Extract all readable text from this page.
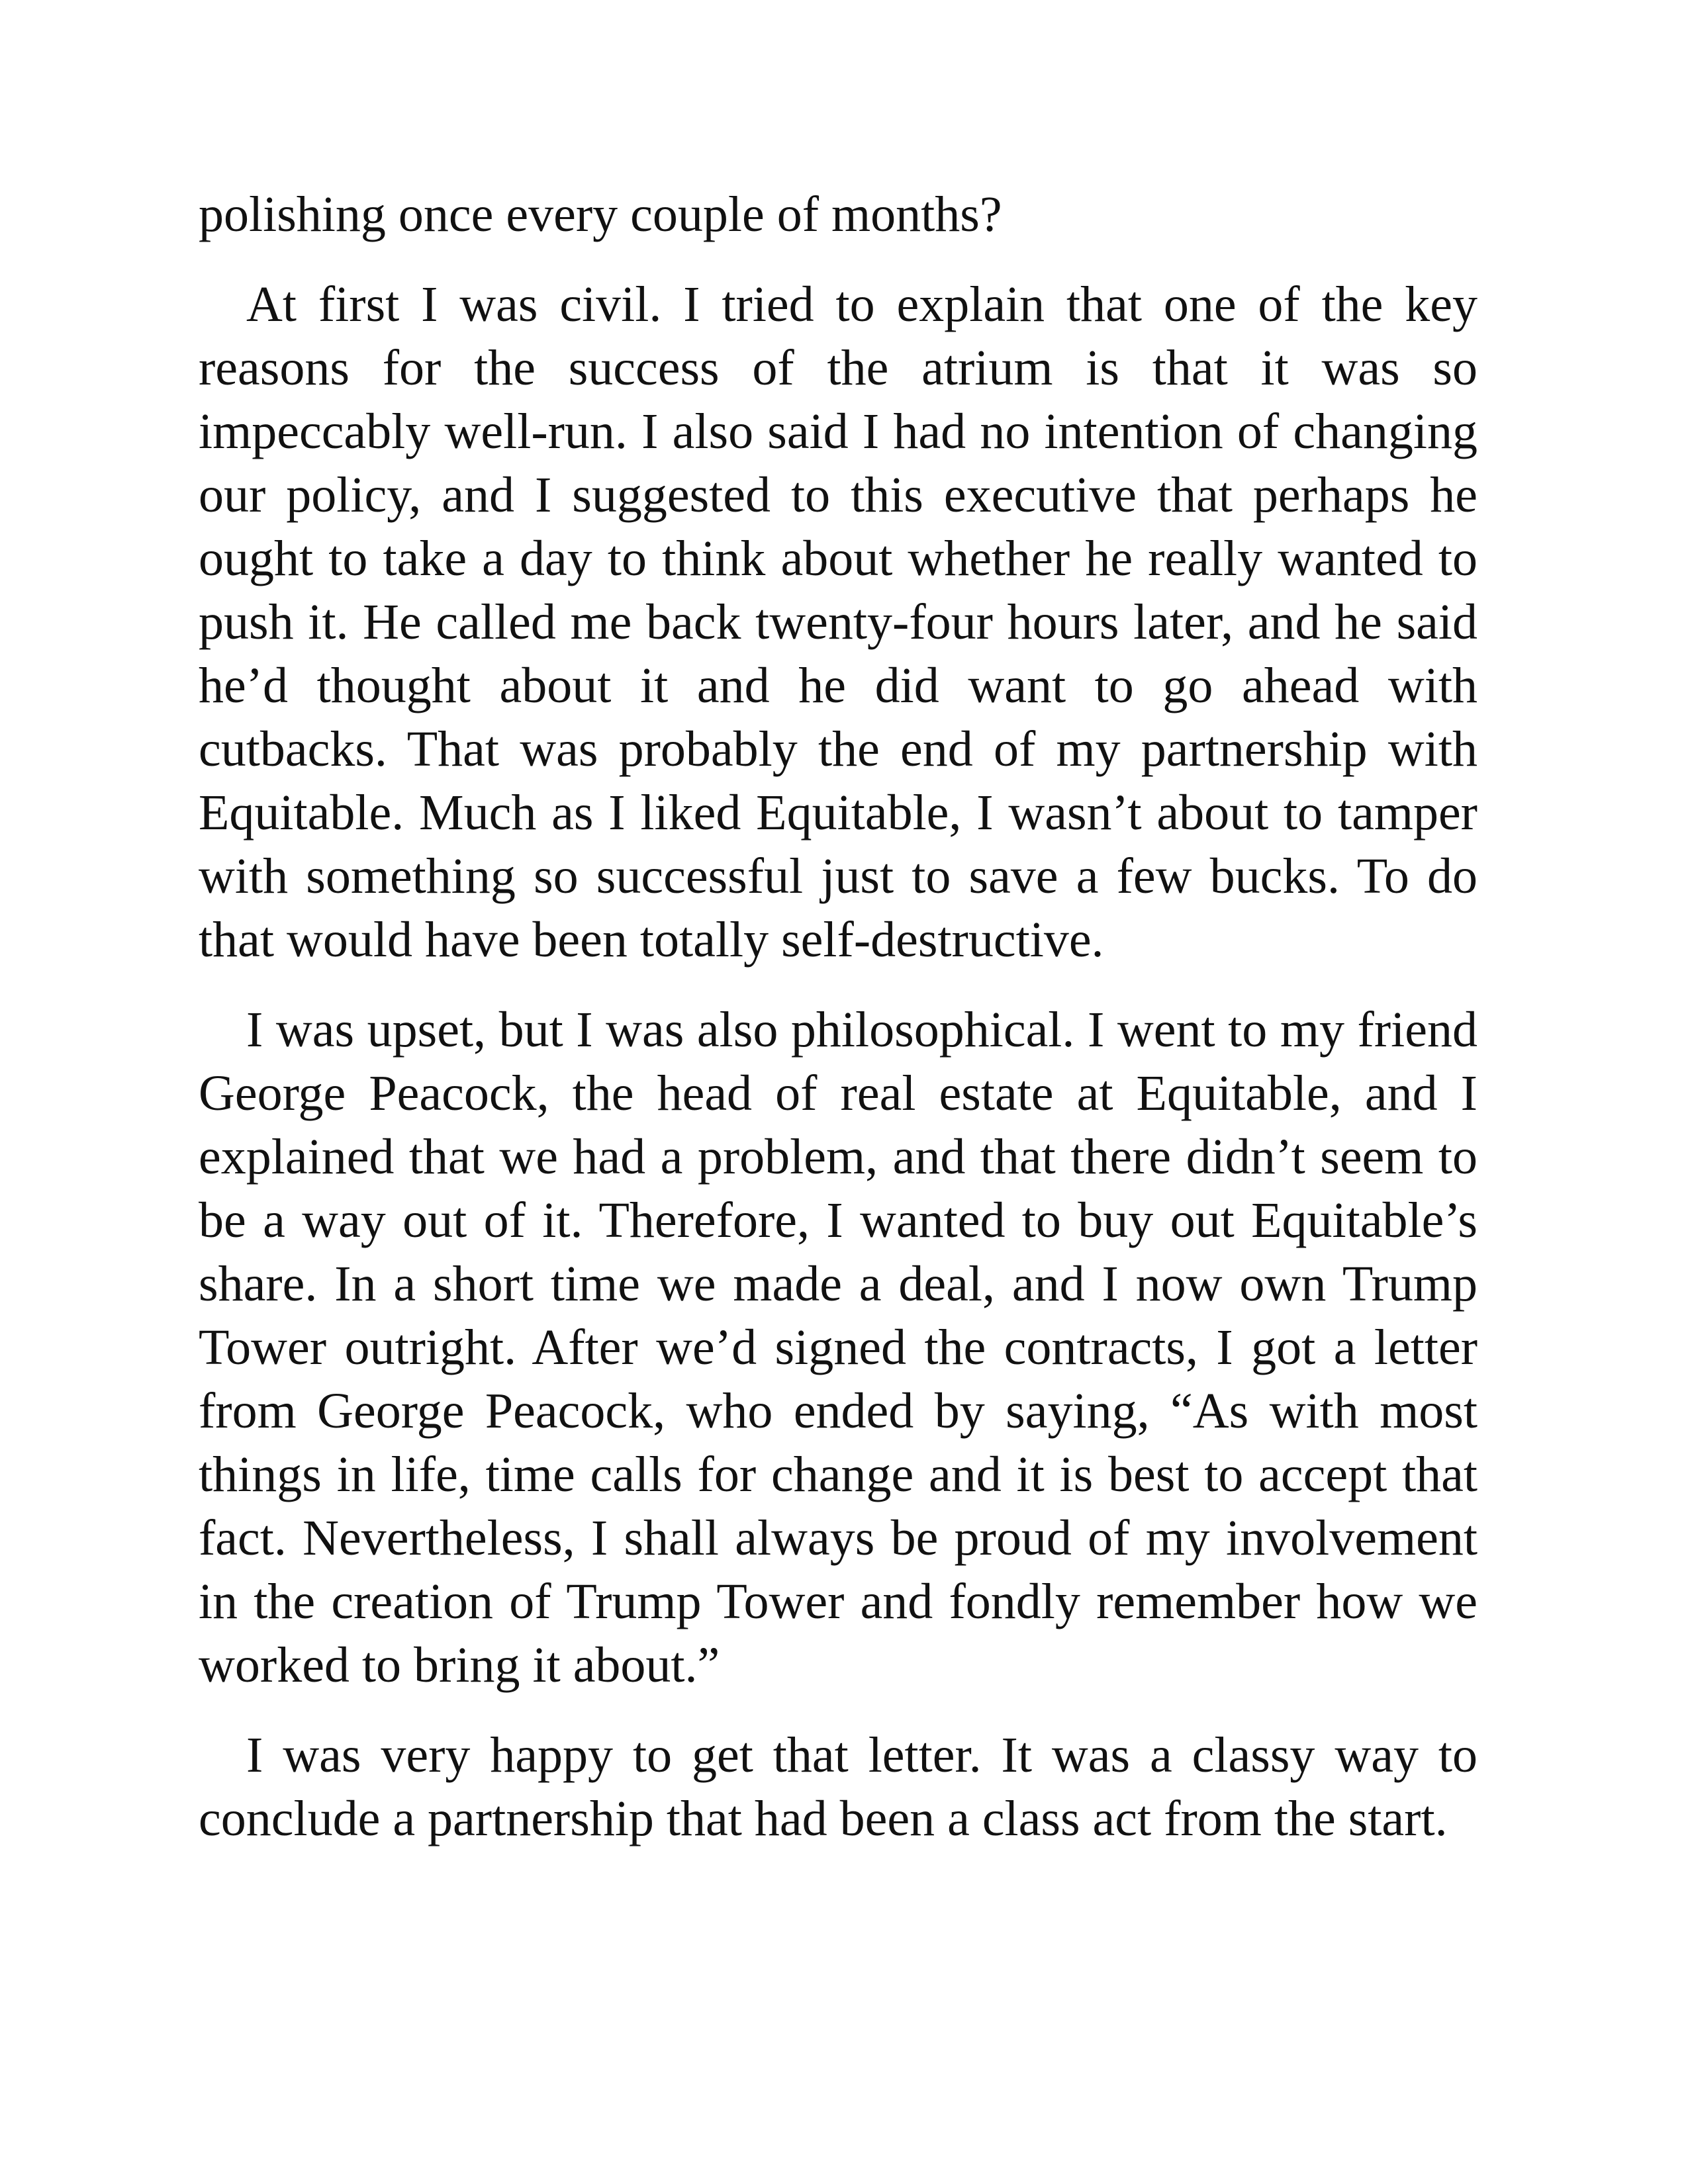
polishing once every couple of months?

At first I was civil. I tried to explain that one of the key reasons for the success of the atrium is that it was so impeccably well-run. I also said I had no intention of changing our policy, and I suggested to this executive that perhaps he ought to take a day to think about whether he really wanted to push it. He called me back twenty-four hours later, and he said he’d thought about it and he did want to go ahead with cutbacks. That was probably the end of my partnership with Equitable. Much as I liked Equitable, I wasn’t about to tamper with something so successful just to save a few bucks. To do that would have been totally self-destructive.

I was upset, but I was also philosophical. I went to my friend George Peacock, the head of real estate at Equitable, and I explained that we had a problem, and that there didn’t seem to be a way out of it. Therefore, I wanted to buy out Equitable’s share. In a short time we made a deal, and I now own Trump Tower outright. After we’d signed the contracts, I got a letter from George Peacock, who ended by saying, “As with most things in life, time calls for change and it is best to accept that fact. Nevertheless, I shall always be proud of my involvement in the creation of Trump Tower and fondly remember how we worked to bring it about.”

I was very happy to get that letter. It was a classy way to conclude a partnership that had been a class act from the start.
